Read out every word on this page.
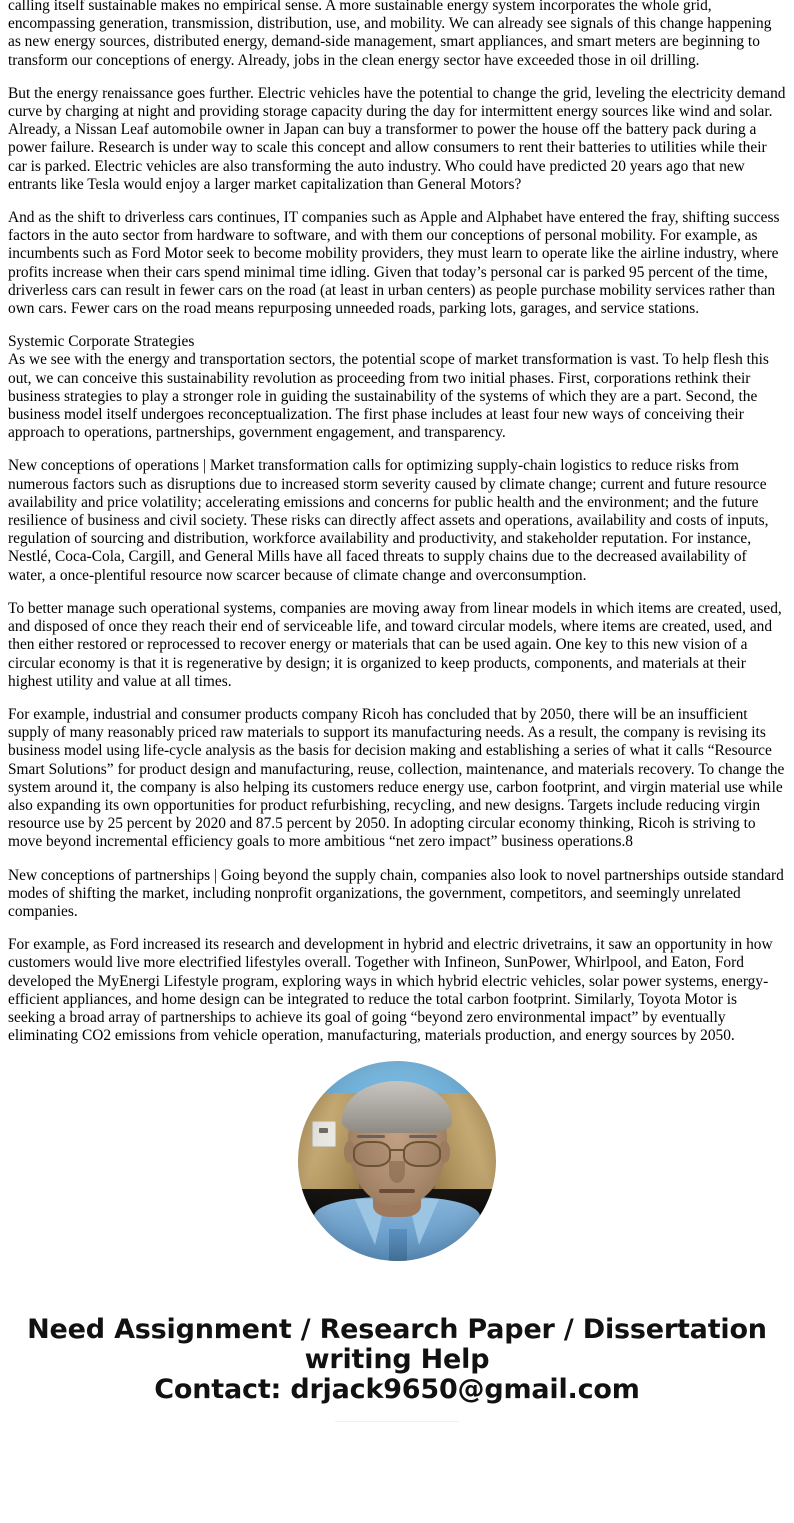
calling itself sustainable makes no empirical sense. A more sustainable energy system incorporates the whole grid, encompassing generation, transmission, distribution, use, and mobility. We can already see signals of this change happening as new energy sources, distributed energy, demand-side management, smart appliances, and smart meters are beginning to transform our conceptions of energy. Already, jobs in the clean energy sector have exceeded those in oil drilling.

But the energy renaissance goes further. Electric vehicles have the potential to change the grid, leveling the electricity demand curve by charging at night and providing storage capacity during the day for intermittent energy sources like wind and solar. Already, a Nissan Leaf automobile owner in Japan can buy a transformer to power the house off the battery pack during a power failure. Research is under way to scale this concept and allow consumers to rent their batteries to utilities while their car is parked. Electric vehicles are also transforming the auto industry. Who could have predicted 20 years ago that new entrants like Tesla would enjoy a larger market capitalization than General Motors?

And as the shift to driverless cars continues, IT companies such as Apple and Alphabet have entered the fray, shifting success factors in the auto sector from hardware to software, and with them our conceptions of personal mobility. For example, as incumbents such as Ford Motor seek to become mobility providers, they must learn to operate like the airline industry, where profits increase when their cars spend minimal time idling. Given that today’s personal car is parked 95 percent of the time, driverless cars can result in fewer cars on the road (at least in urban centers) as people purchase mobility services rather than own cars. Fewer cars on the road means repurposing unneeded roads, parking lots, garages, and service stations.

Systemic Corporate Strategies

As we see with the energy and transportation sectors, the potential scope of market transformation is vast. To help flesh this out, we can conceive this sustainability revolution as proceeding from two initial phases. First, corporations rethink their business strategies to play a stronger role in guiding the sustainability of the systems of which they are a part. Second, the business model itself undergoes reconceptualization. The first phase includes at least four new ways of conceiving their approach to operations, partnerships, government engagement, and transparency.

New conceptions of operations | Market transformation calls for optimizing supply-chain logistics to reduce risks from numerous factors such as disruptions due to increased storm severity caused by climate change; current and future resource availability and price volatility; accelerating emissions and concerns for public health and the environment; and the future resilience of business and civil society. These risks can directly affect assets and operations, availability and costs of inputs, regulation of sourcing and distribution, workforce availability and productivity, and stakeholder reputation. For instance, Nestlé, Coca-Cola, Cargill, and General Mills have all faced threats to supply chains due to the decreased availability of water, a once-plentiful resource now scarcer because of climate change and overconsumption.

To better manage such operational systems, companies are moving away from linear models in which items are created, used, and disposed of once they reach their end of serviceable life, and toward circular models, where items are created, used, and then either restored or reprocessed to recover energy or materials that can be used again. One key to this new vision of a circular economy is that it is regenerative by design; it is organized to keep products, components, and materials at their highest utility and value at all times.

For example, industrial and consumer products company Ricoh has concluded that by 2050, there will be an insufficient supply of many reasonably priced raw materials to support its manufacturing needs. As a result, the company is revising its business model using life-cycle analysis as the basis for decision making and establishing a series of what it calls “Resource Smart Solutions” for product design and manufacturing, reuse, collection, maintenance, and materials recovery. To change the system around it, the company is also helping its customers reduce energy use, carbon footprint, and virgin material use while also expanding its own opportunities for product refurbishing, recycling, and new designs. Targets include reducing virgin resource use by 25 percent by 2020 and 87.5 percent by 2050. In adopting circular economy thinking, Ricoh is striving to move beyond incremental efficiency goals to more ambitious “net zero impact” business operations.8

New conceptions of partnerships | Going beyond the supply chain, companies also look to novel partnerships outside standard modes of shifting the market, including nonprofit organizations, the government, competitors, and seemingly unrelated companies.

For example, as Ford increased its research and development in hybrid and electric drivetrains, it saw an opportunity in how customers would live more electrified lifestyles overall. Together with Infineon, SunPower, Whirlpool, and Eaton, Ford developed the MyEnergi Lifestyle program, exploring ways in which hybrid electric vehicles, solar power systems, energy-efficient appliances, and home design can be integrated to reduce the total carbon footprint. Similarly, Toyota Motor is seeking a broad array of partnerships to achieve its goal of going “beyond zero environmental impact” by eventually eliminating CO2 emissions from vehicle operation, manufacturing, materials production, and energy sources by 2050.

Need Assignment / Research Paper / Dissertation
writing Help

Contact: drjack9650@gmail.com
